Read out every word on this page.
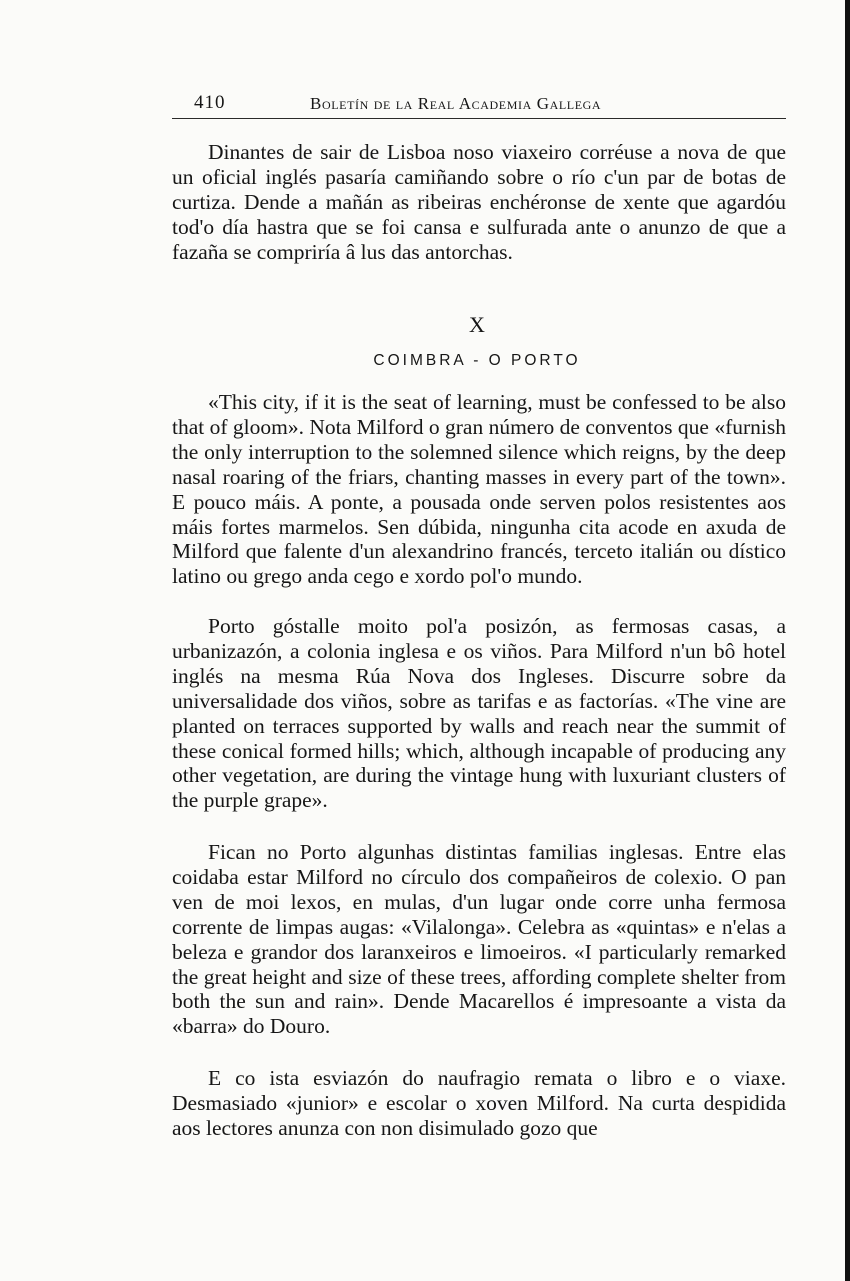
410	Boletín de la Real Academia Gallega

Dinantes de sair de Lisboa noso viaxeiro corréuse a nova de que un oficial inglés pasaría camiñando sobre o río c'un par de botas de curtiza. Dende a mañán as ribeiras enchéronse de xente que agardóu tod'o día hastra que se foi cansa e sulfurada ante o anunzo de que a fazaña se compriría â lus das antorchas.

X
COIMBRA - O PORTO

«This city, if it is the seat of learning, must be confessed to be also that of gloom». Nota Milford o gran número de conventos que «furnish the only interruption to the solemned silence which reigns, by the deep nasal roaring of the friars, chanting masses in every part of the town». E pouco máis. A ponte, a pousada onde serven polos resistentes aos máis fortes marmelos. Sen dúbida, ningunha cita acode en axuda de Milford que falente d'un alexandrino francés, terceto italián ou dístico latino ou grego anda cego e xordo pol'o mundo.

Porto góstalle moito pol'a posizón, as fermosas casas, a urbanizazón, a colonia inglesa e os viños. Para Milford n'un bô hotel inglés na mesma Rúa Nova dos Ingleses. Discurre sobre da universalidade dos viños, sobre as tarifas e as factorías. «The vine are planted on terraces supported by walls and reach near the summit of these conical formed hills; which, although incapable of producing any other vegetation, are during the vintage hung with luxuriant clusters of the purple grape».

Fican no Porto algunhas distintas familias inglesas. Entre elas coidaba estar Milford no círculo dos compañeiros de colexio. O pan ven de moi lexos, en mulas, d'un lugar onde corre unha fermosa corrente de limpas augas: «Vilalonga». Celebra as «quintas» e n'elas a beleza e grandor dos laranxeiros e limoeiros. «I particularly remarked the great height and size of these trees, affording complete shelter from both the sun and rain». Dende Macarellos é impresoante a vista da «barra» do Douro.

E co ista esviazón do naufragio remata o libro e o viaxe. Desmasiado «junior» e escolar o xoven Milford. Na curta despidida aos lectores anunza con non disimulado gozo que
